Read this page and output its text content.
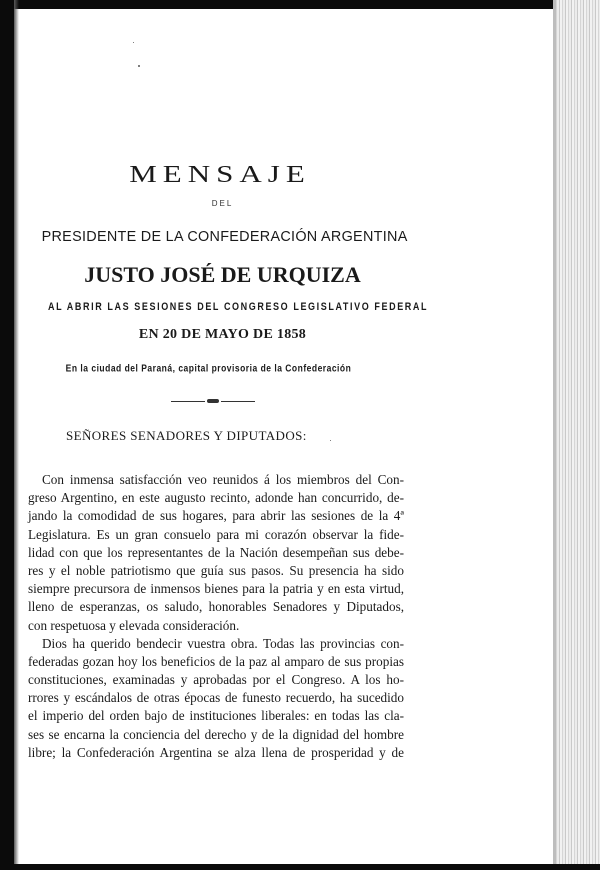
MENSAJE
DEL
PRESIDENTE DE LA CONFEDERACIÓN ARGENTINA
JUSTO JOSÉ DE URQUIZA
AL ABRIR LAS SESIONES DEL CONGRESO LEGISLATIVO FEDERAL
EN 20 DE MAYO DE 1858
En la ciudad del Paraná, capital provisoria de la Confederación
SEÑORES SENADORES Y DIPUTADOS:
Con inmensa satisfacción veo reunidos á los miembros del Con-
greso Argentino, en este augusto recinto, adonde han concurrido, de-
jando la comodidad de sus hogares, para abrir las sesiones de la 4ª
Legislatura. Es un gran consuelo para mi corazón observar la fide-
lidad con que los representantes de la Nación desempeñan sus debe-
res y el noble patriotismo que guía sus pasos. Su presencia ha sido
siempre precursora de inmensos bienes para la patria y en esta virtud,
lleno de esperanzas, os saludo, honorables Senadores y Diputados,
con respetuosa y elevada consideración.
Dios ha querido bendecir vuestra obra. Todas las provincias con-
federadas gozan hoy los beneficios de la paz al amparo de sus propias
constituciones, examinadas y aprobadas por el Congreso. A los ho-
rrores y escándalos de otras épocas de funesto recuerdo, ha sucedido
el imperio del orden bajo de instituciones liberales: en todas las cla-
ses se encarna la conciencia del derecho y de la dignidad del hombre
libre; la Confederación Argentina se alza llena de prosperidad y de
